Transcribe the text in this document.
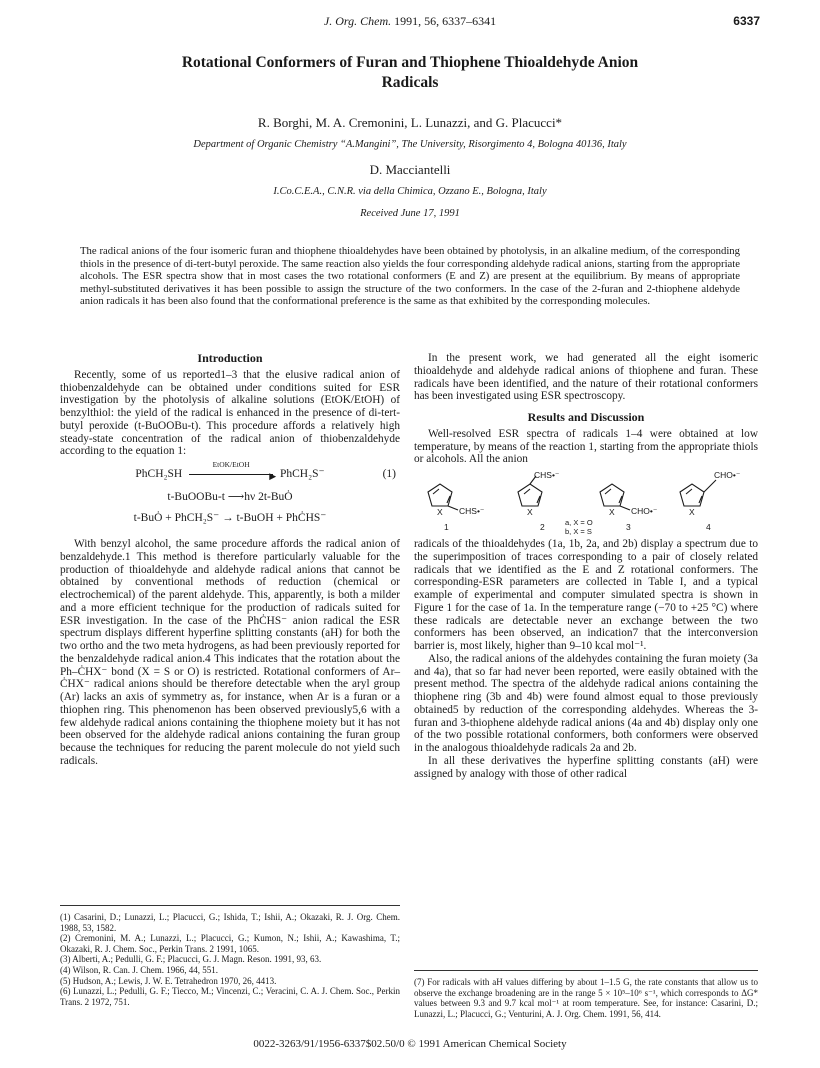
J. Org. Chem. 1991, 56, 6337–6341	6337
Rotational Conformers of Furan and Thiophene Thioaldehyde Anion
Radicals
R. Borghi, M. A. Cremonini, L. Lunazzi, and G. Placucci*
Department of Organic Chemistry “A.Mangini”, The University, Risorgimento 4, Bologna 40136, Italy
D. Macciantelli
I.Co.C.E.A., C.N.R. via della Chimica, Ozzano E., Bologna, Italy
Received June 17, 1991
The radical anions of the four isomeric furan and thiophene thioaldehydes have been obtained by photolysis, in an alkaline medium, of the corresponding thiols in the presence of di-tert-butyl peroxide. The same reaction also yields the four corresponding aldehyde radical anions, starting from the appropriate alcohols. The ESR spectra show that in most cases the two rotational conformers (E and Z) are present at the equilibrium. By means of appropriate methyl-substituted derivatives it has been possible to assign the structure of the two conformers. In the case of the 2-furan and 2-thiophene aldehyde anion radicals it has been also found that the conformational preference is the same as that exhibited by the corresponding molecules.
Introduction

Recently, some of us reported1–3 that the elusive radical anion of thiobenzaldehyde can be obtained under conditions suited for ESR investigation by the photolysis of alkaline solutions (EtOK/EtOH) of benzylthiol: the yield of the radical is enhanced in the presence of di-tert-butyl peroxide (t-BuOOBu-t). This procedure affords a relatively high steady-state concentration of the radical anion of thiobenzaldehyde according to the equation 1:

PhCH₂SH
EtOK/EtOH
▶ PhCH₂S⁻	(1)
t-BuOOBu-t ⟶hν 2t-BuȮ
t-BuȮ + PhCH₂S⁻ → t-BuOH + PhĊHS⁻

With benzyl alcohol, the same procedure affords the radical anion of benzaldehyde.1 This method is therefore particularly valuable for the production of thioaldehyde and aldehyde radical anions that cannot be obtained by conventional methods of reduction (chemical or electrochemical) of the parent aldehyde. This, apparently, is both a milder and a more efficient technique for the production of radicals suited for ESR investigation. In the case of the PhĊHS⁻ anion radical the ESR spectrum displays different hyperfine splitting constants (aH) for both the two ortho and the two meta hydrogens, as had been previously reported for the benzaldehyde radical anion.4 This indicates that the rotation about the Ph–ĊHX⁻ bond (X = S or O) is restricted. Rotational conformers of Ar–ĊHX⁻ radical anions should be therefore detectable when the aryl group (Ar) lacks an axis of symmetry as, for instance, when Ar is a furan or a thiophen ring. This phenomenon has been observed previously5,6 with a few aldehyde radical anions containing the thiophene moiety but it has not been observed for the aldehyde radical anions containing the furan group because the techniques for reducing the parent molecule do not yield such radicals.

In the present work, we had generated all the eight isomeric thioaldehyde and aldehyde radical anions of thiophene and furan. These radicals have been identified, and the nature of their rotational conformers has been investigated using ESR spectroscopy.

Results and Discussion

Well-resolved ESR spectra of radicals 1–4 were obtained at low temperature, by means of the reaction 1, starting from the appropriate thiols or alcohols. All the anion

X	X	X	X
CHS•⁻
CHS•⁻
CHO•⁻
CHO•⁻
1	2	3	4
a, X = O
b, X = S

radicals of the thioaldehydes (1a, 1b, 2a, and 2b) display a spectrum due to the superimposition of traces corresponding to a pair of closely related radicals that we identified as the E and Z rotational conformers. The corresponding-ESR parameters are collected in Table I, and a typical example of experimental and computer simulated spectra is shown in Figure 1 for the case of 1a. In the temperature range (−70 to +25 °C) where these radicals are detectable never an exchange between the two conformers has been observed, an indication7 that the interconversion barrier is, most likely, higher than 9–10 kcal mol⁻¹.

Also, the radical anions of the aldehydes containing the furan moiety (3a and 4a), that so far had never been reported, were easily obtained with the present method. The spectra of the aldehyde radical anions containing the thiophene ring (3b and 4b) were found almost equal to those previously obtained5 by reduction of the corresponding aldehydes. Whereas the 3-furan and 3-thiophene aldehyde radical anions (4a and 4b) display only one of the two possible rotational conformers, both conformers were observed in the analogous thioaldehyde radicals 2a and 2b.

In all these derivatives the hyperfine splitting constants (aH) were assigned by analogy with those of other radical

(1) Casarini, D.; Lunazzi, L.; Placucci, G.; Ishida, T.; Ishii, A.; Okazaki, R. J. Org. Chem. 1988, 53, 1582.

(2) Cremonini, M. A.; Lunazzi, L.; Placucci, G.; Kumon, N.; Ishii, A.; Kawashima, T.; Okazaki, R. J. Chem. Soc., Perkin Trans. 2 1991, 1065.

(3) Alberti, A.; Pedulli, G. F.; Placucci, G. J. Magn. Reson. 1991, 93, 63.

(4) Wilson, R. Can. J. Chem. 1966, 44, 551.

(5) Hudson, A.; Lewis, J. W. E. Tetrahedron 1970, 26, 4413.

(6) Lunazzi, L.; Pedulli, G. F.; Tiecco, M.; Vincenzi, C.; Veracini, C. A. J. Chem. Soc., Perkin Trans. 2 1972, 751.

(7) For radicals with aH values differing by about 1–1.5 G, the rate constants that allow us to observe the exchange broadening are in the range 5 × 10⁵–10⁶ s⁻¹, which corresponds to ΔG* values between 9.3 and 9.7 kcal mol⁻¹ at room temperature. See, for instance: Casarini, D.; Lunazzi, L.; Placucci, G.; Venturini, A. J. Org. Chem. 1991, 56, 414.

0022-3263/91/1956-6337$02.50/0 © 1991 American Chemical Society
